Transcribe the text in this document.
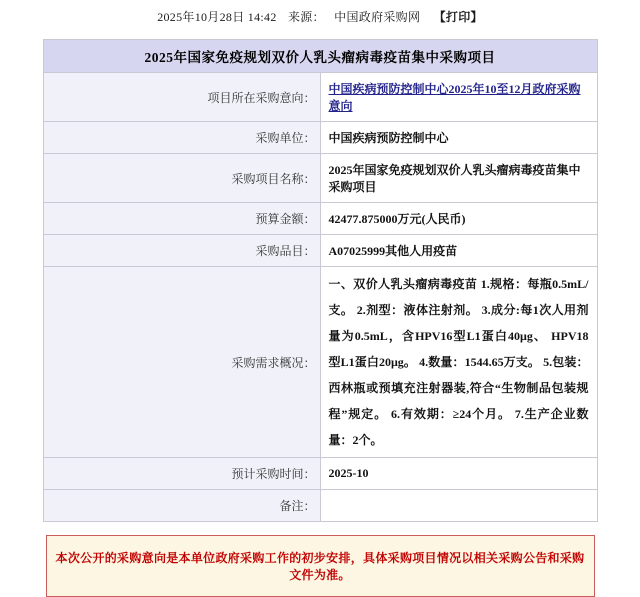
2025年10月28日 14:42 来源： 中国政府采购网 【打印】
2025年国家免疫规划双价人乳头瘤病毒疫苗集中采购项目	
项目所在采购意向：	中国疾病预防控制中心2025年10至12月政府采购意向
采购单位：	中国疾病预防控制中心
采购项目名称：	2025年国家免疫规划双价人乳头瘤病毒疫苗集中采购项目
预算金额：	42477.875000万元(人民币)
采购品目：	A07025999其他人用疫苗
采购需求概况：	一、双价人乳头瘤病毒疫苗 1.规格：每瓶0.5mL/支。 2.剂型：液体注射剂。 3.成分:每1次人用剂量为0.5mL，含HPV16型L1蛋白40μg、 HPV18 型L1蛋白20μg。 4.数量：1544.65万支。 5.包装：西林瓶或预填充注射器装,符合“生物制品包装规 程”规定。 6.有效期：≥24个月。 7.生产企业数量：2个。
预计采购时间：	2025-10
备注：	
本次公开的采购意向是本单位政府采购工作的初步安排，具体采购项目情况以相关采购公告和采购文件为准。
